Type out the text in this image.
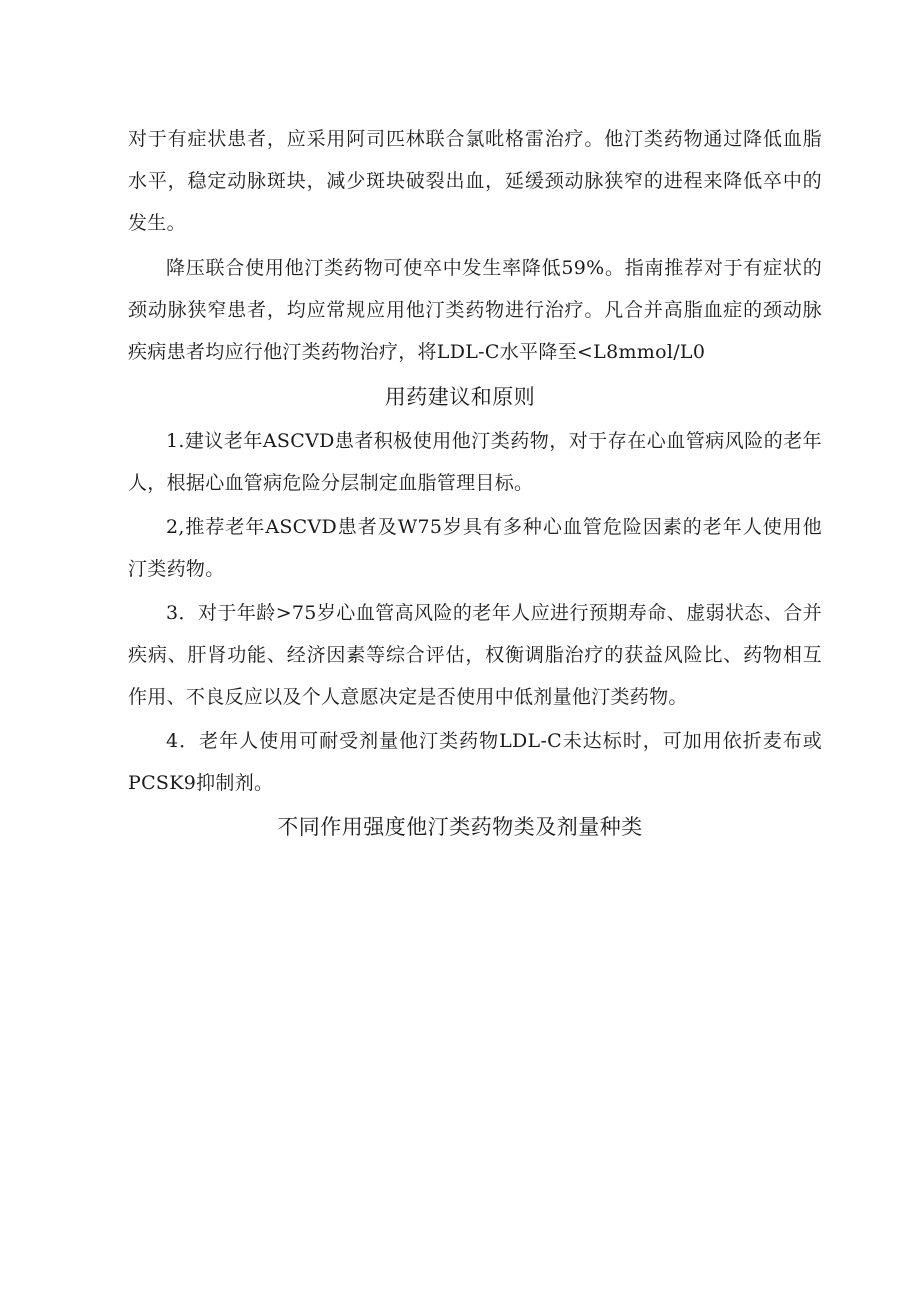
对于有症状患者，应采用阿司匹林联合氯吡格雷治疗。他汀类药物通过降低血脂水平，稳定动脉斑块，减少斑块破裂出血，延缓颈动脉狭窄的进程来降低卒中的发生。

降压联合使用他汀类药物可使卒中发生率降低59%。指南推荐对于有症状的颈动脉狭窄患者，均应常规应用他汀类药物进行治疗。凡合并高脂血症的颈动脉疾病患者均应行他汀类药物治疗，将LDL-C水平降至<L8mmol/L0

用药建议和原则

1.建议老年ASCVD患者积极使用他汀类药物，对于存在心血管病风险的老年人，根据心血管病危险分层制定血脂管理目标。

2,推荐老年ASCVD患者及W75岁具有多种心血管危险因素的老年人使用他汀类药物。

3．对于年龄>75岁心血管高风险的老年人应进行预期寿命、虚弱状态、合并疾病、肝肾功能、经济因素等综合评估，权衡调脂治疗的获益风险比、药物相互作用、不良反应以及个人意愿决定是否使用中低剂量他汀类药物。

4．老年人使用可耐受剂量他汀类药物LDL-C未达标时，可加用依折麦布或PCSK9抑制剂。

不同作用强度他汀类药物类及剂量种类
